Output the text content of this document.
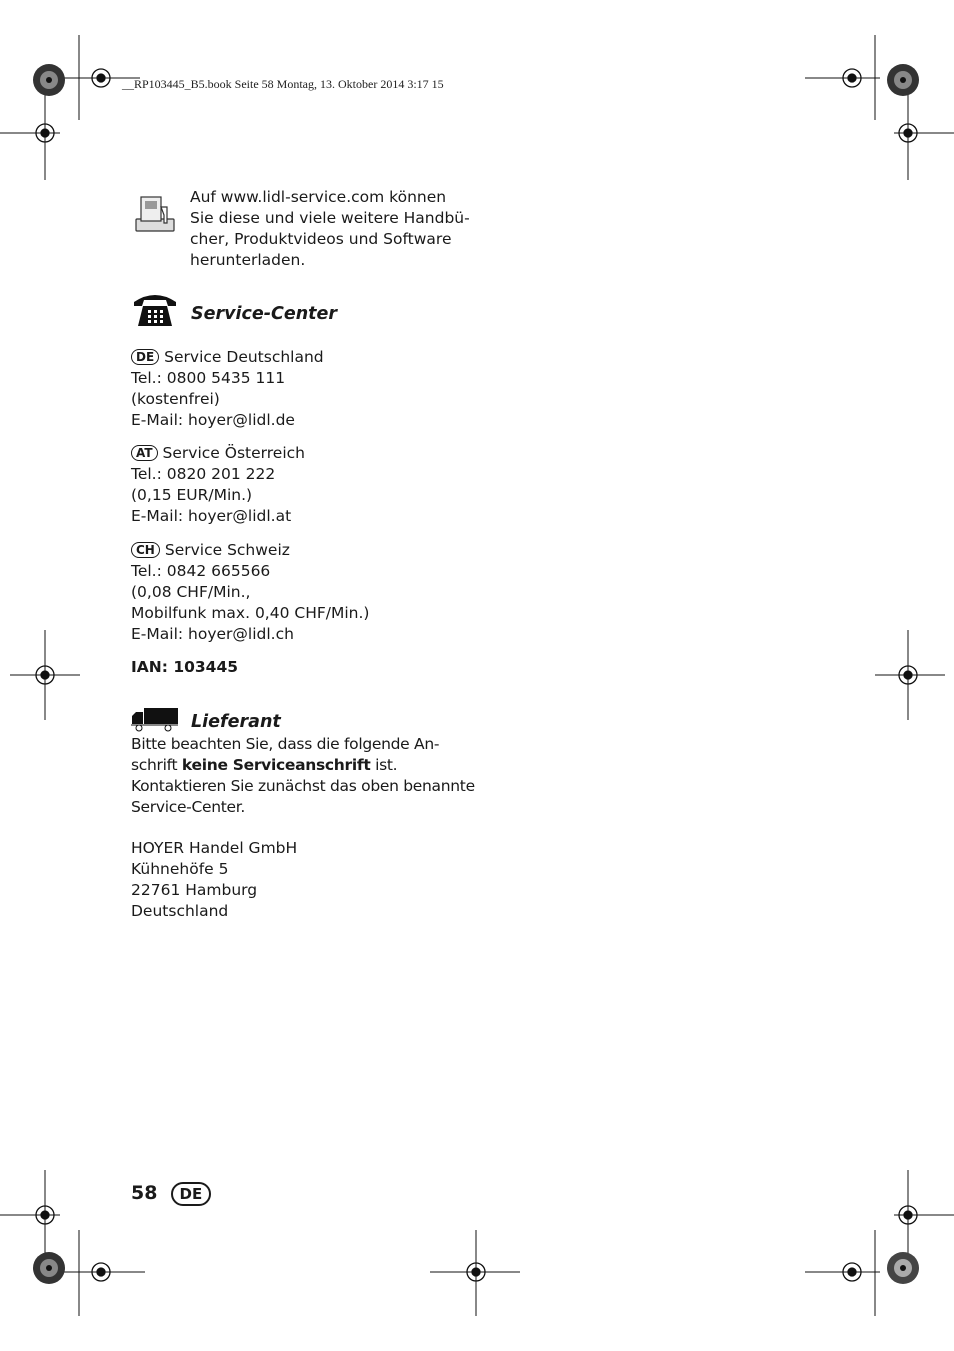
__RP103445_B5.book Seite 58 Montag, 13. Oktober 2014 3:17 15
Auf www.lidl-service.com können
Sie diese und viele weitere Handbü-
cher, Produktvideos und Software
herunterladen.
Service-Center
DE Service Deutschland
Tel.: 0800 5435 111
(kostenfrei)
E-Mail: hoyer@lidl.de
AT Service Österreich
Tel.: 0820 201 222
(0,15 EUR/Min.)
E-Mail: hoyer@lidl.at
CH Service Schweiz
Tel.: 0842 665566
(0,08 CHF/Min.,
Mobilfunk max. 0,40 CHF/Min.)
E-Mail: hoyer@lidl.ch
IAN: 103445
Lieferant
Bitte beachten Sie, dass die folgende An-
schrift keine Serviceanschrift ist.
Kontaktieren Sie zunächst das oben benannte
Service-Center.
HOYER Handel GmbH
Kühnehöfe 5
22761 Hamburg
Deutschland
58 DE
